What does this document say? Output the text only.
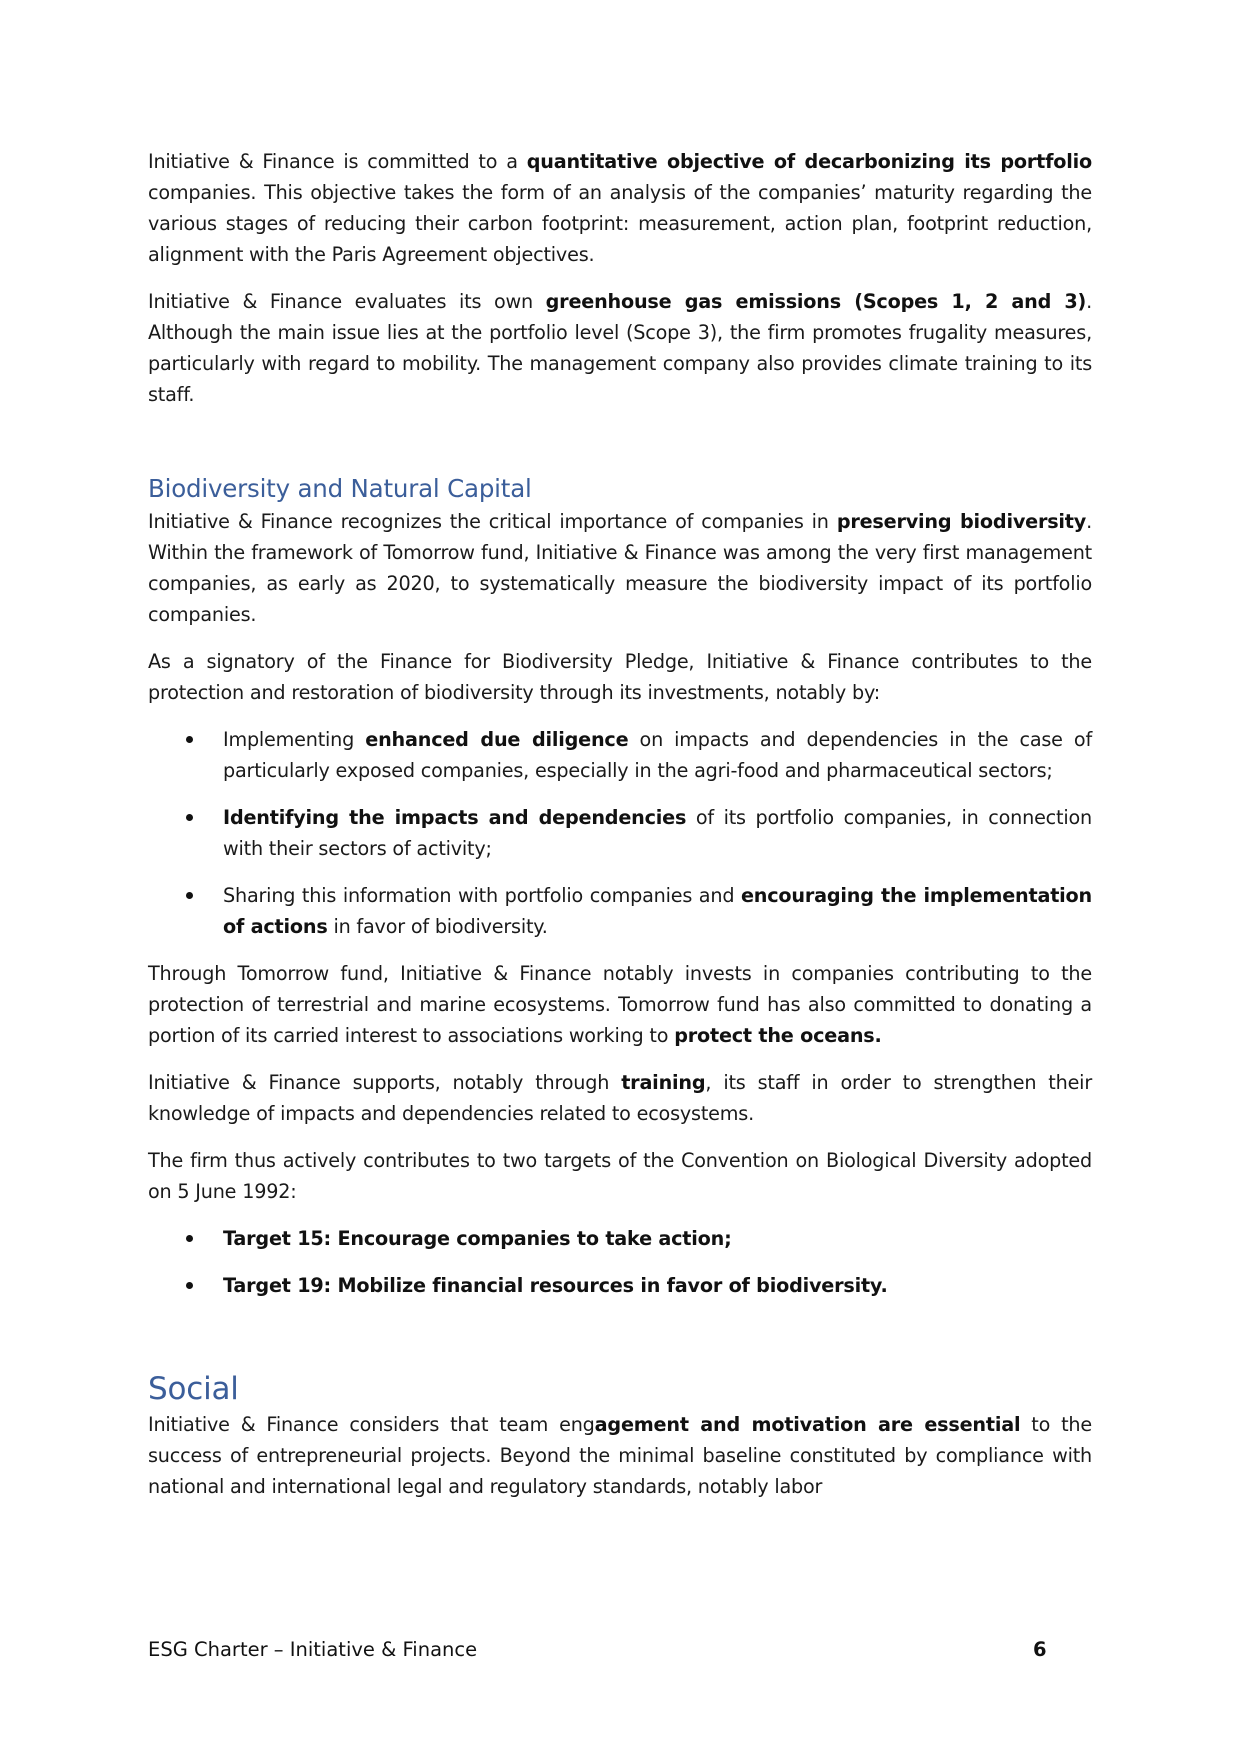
Initiative & Finance is committed to a quantitative objective of decarbonizing its portfolio companies. This objective takes the form of an analysis of the companies’ maturity regarding the various stages of reducing their carbon footprint: measurement, action plan, footprint reduction, alignment with the Paris Agreement objectives.

Initiative & Finance evaluates its own greenhouse gas emissions (Scopes 1, 2 and 3). Although the main issue lies at the portfolio level (Scope 3), the firm promotes frugality measures, particularly with regard to mobility. The management company also provides climate training to its staff.

Biodiversity and Natural Capital

Initiative & Finance recognizes the critical importance of companies in preserving biodiversity. Within the framework of Tomorrow fund, Initiative & Finance was among the very first management companies, as early as 2020, to systematically measure the biodiversity impact of its portfolio companies.

As a signatory of the Finance for Biodiversity Pledge, Initiative & Finance contributes to the protection and restoration of biodiversity through its investments, notably by:

Implementing enhanced due diligence on impacts and dependencies in the case of particularly exposed companies, especially in the agri-food and pharmaceutical sectors;
Identifying the impacts and dependencies of its portfolio companies, in connection with their sectors of activity;
Sharing this information with portfolio companies and encouraging the implementation of actions in favor of biodiversity.

Through Tomorrow fund, Initiative & Finance notably invests in companies contributing to the protection of terrestrial and marine ecosystems. Tomorrow fund has also committed to donating a portion of its carried interest to associations working to protect the oceans.

Initiative & Finance supports, notably through training, its staff in order to strengthen their knowledge of impacts and dependencies related to ecosystems.

The firm thus actively contributes to two targets of the Convention on Biological Diversity adopted on 5 June 1992:

Target 15: Encourage companies to take action;
Target 19: Mobilize financial resources in favor of biodiversity.
Social

Initiative & Finance considers that team engagement and motivation are essential to the success of entrepreneurial projects. Beyond the minimal baseline constituted by compliance with national and international legal and regulatory standards, notably labor

ESG Charter – Initiative & Finance	6
